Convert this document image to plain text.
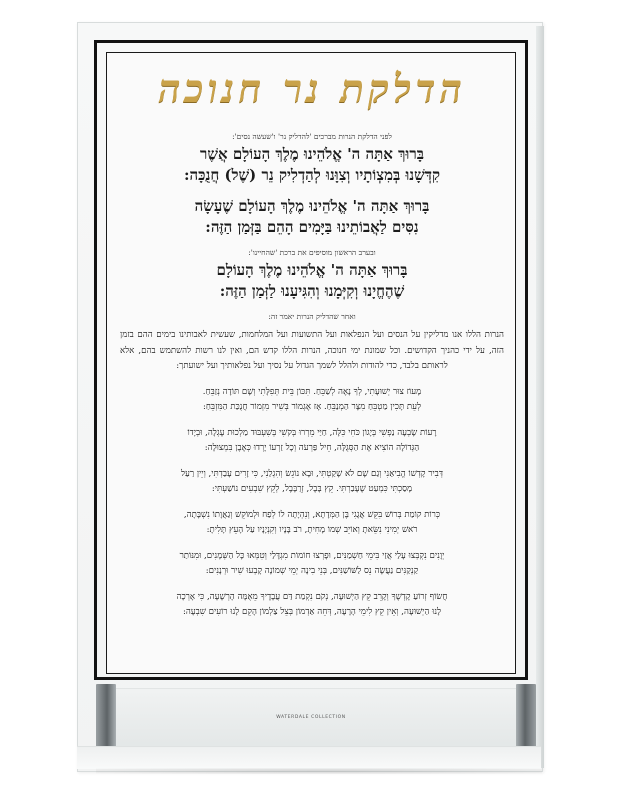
הדלקת נר חנוכה
לפני הדלקת הנרות מברכים 'להדליק נר' ו'שעשה נסים':
בָּרוּךְ אַתָּה ה' אֱלֹהֵינוּ מֶלֶךְ הָעוֹלָם אֲשֶׁר
קִדְּשָׁנוּ בְּמִצְוֹתָיו וְצִוָּנוּ לְהַדְלִיק נֵר (שֶׁל) חֲנֻכָּה:
בָּרוּךְ אַתָּה ה' אֱלֹהֵינוּ מֶלֶךְ הָעוֹלָם שֶׁעָשָׂה
נִסִּים לַאֲבוֹתֵינוּ בַּיָּמִים הָהֵם בַּזְּמַן הַזֶּה:
ובערב הראשון מוסיפים את ברכת 'שהחיינו':
בָּרוּךְ אַתָּה ה' אֱלֹהֵינוּ מֶלֶךְ הָעוֹלָם
שֶׁהֶחֱיָנוּ וְקִיְּמָנוּ וְהִגִּיעָנוּ לַזְּמַן הַזֶּה:
ואחר שהדליק הנרות יאמר זה:
הנרות הללו אנו מדליקין על הנסים ועל הנפלאות ועל התשועות ועל המלחמות, שעשית לאבותינו בימים ההם בזמן הזה, על ידי כהניך הקדושים. וכל שמונת ימי חנוכה, הנרות הללו קדש הם, ואין לנו רשות להשתמש בהם, אלא לראותם בלבד, כדי להודות ולהלל לשמך הגדול על נסיך ועל נפלאותיך ועל ישועתך:
מָעוֹז צוּר יְשׁוּעָתִי, לְךָ נָאֶה לְשַׁבֵּחַ. תִּכּוֹן בֵּית תְּפִלָּתִי וְשָׁם תּוֹדָה נְזַבֵּחַ.
לְעֵת תָּכִין מַטְבֵּחַ מִצָּר הַמְנַבֵּחַ. אָז אֶגְמוֹר בְּשִׁיר מִזְמוֹר חֲנֻכַּת הַמִּזְבֵּחַ:
רָעוֹת שָׂבְעָה נַפְשִׁי בְּיָגוֹן כֹּחִי כִּלָּה, חַיַּי מֵרְרוּ בְּקֹשִׁי בְּשִׁעְבּוּד מַלְכוּת עֶגְלָה, וּבְיָדוֹ
הַגְּדוֹלָה הוֹצִיא אֶת הַסְּגֻלָּה, חֵיל פַּרְעֹה וְכָל זַרְעוֹ יָרְדוּ כְּאֶבֶן בִּמְצוּלָה:
דְּבִיר קָדְשׁוֹ הֱבִיאַנִי וְגַם שָׁם לֹא שָׁקַטְתִּי, וּבָא נוֹגֵשׂ וְהִגְלַנִי, כִּי זָרִים עָבַדְתִּי, וְיֵין רַעַל
מָסַכְתִּי כִּמְעַט שֶׁעָבַרְתִּי. קֵץ בָּבֶל, זְרֻבָּבֶל, לְקֵץ שִׁבְעִים נוֹשַׁעְתִּי:
כְּרוֹת קוֹמַת בְּרוֹשׁ בִּקֵּשׁ אֲגָגִי בֶּן הַמְּדָתָא, וְנִהְיָתָה לוֹ לְפַח וּלְמוֹקֵשׁ וְגַאֲוָתוֹ נִשְׁבָּתָה,
רֹאשׁ יְמִינִי נִשֵּׂאתָ וְאוֹיֵב שְׁמוֹ מָחִיתָ, רֹב בָּנָיו וְקִנְיָנָיו עַל הָעֵץ תָּלִיתָ:
יְוָנִים נִקְבְּצוּ עָלַי אֲזַי בִּימֵי חַשְׁמַנִּים, וּפָרְצוּ חוֹמוֹת מִגְדָּלַי וְטִמְּאוּ כָּל הַשְּׁמָנִים, וּמִנּוֹתַר
קַנְקַנִּים נַעֲשָׂה נֵס לַשּׁוֹשַׁנִּים, בְּנֵי בִינָה יְמֵי שְׁמוֹנָה קָבְעוּ שִׁיר וּרְנָנִים:
חֲשׂוֹף זְרוֹעַ קָדְשֶׁךָ וְקָרֵב קֵץ הַיְשׁוּעָה, נְקֹם נִקְמַת דַּם עֲבָדֶיךָ מֵאֻמָּה הָרְשָׁעָה, כִּי אָרְכָה
לָנוּ הַיְשׁוּעָה, וְאֵין קֵץ לִימֵי הָרָעָה, דְּחֵה אַדְמוֹן בְּצֵל צַלְמוֹן הָקֵם לָנוּ רוֹעִים שִׁבְעָה:
WATERDALE COLLECTION
